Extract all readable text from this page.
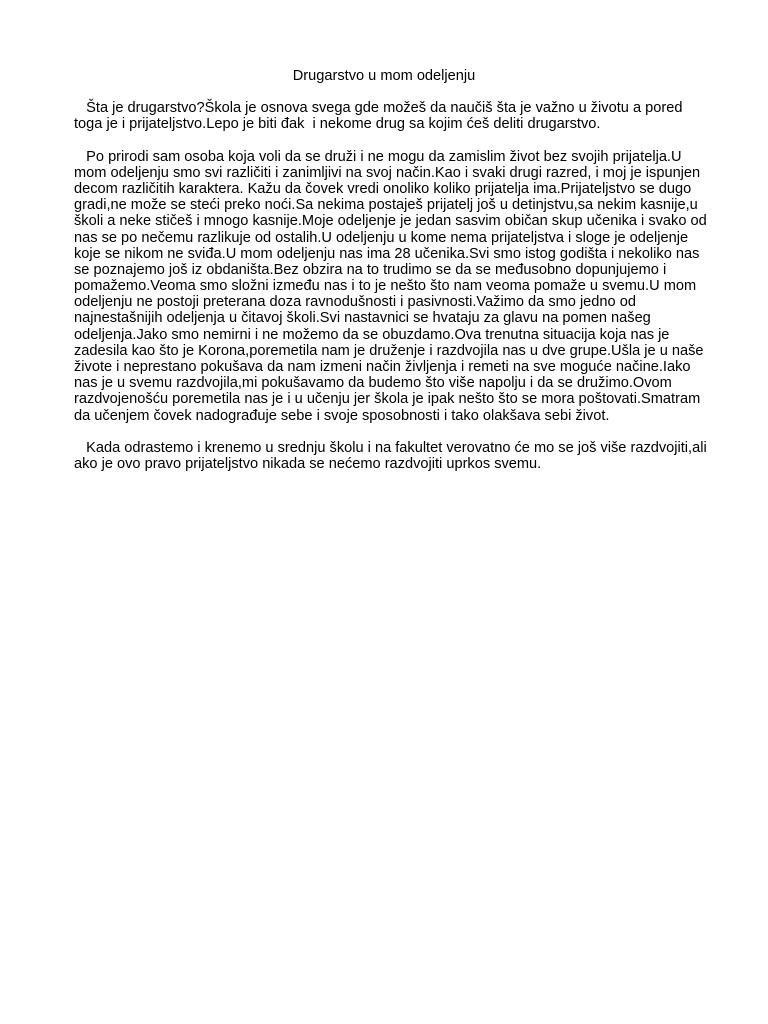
Drugarstvo u mom odeljenju
Šta je drugarstvo?Škola je osnova svega gde možeš da naučiš šta je važno u životu a pored
toga je i prijateljstvo.Lepo je biti đak  i nekome drug sa kojim ćeš deliti drugarstvo.
Po prirodi sam osoba koja voli da se druži i ne mogu da zamislim život bez svojih prijatelja.U
mom odeljenju smo svi različiti i zanimljivi na svoj način.Kao i svaki drugi razred, i moj je ispunjen
decom različitih karaktera. Kažu da čovek vredi onoliko koliko prijatelja ima.Prijateljstvo se dugo
gradi,ne može se steći preko noći.Sa nekima postaješ prijatelj još u detinjstvu,sa nekim kasnije,u
školi a neke stičeš i mnogo kasnije.Moje odeljenje je jedan sasvim običan skup učenika i svako od
nas se po nečemu razlikuje od ostalih.U odeljenju u kome nema prijateljstva i sloge je odeljenje
koje se nikom ne sviđa.U mom odeljenju nas ima 28 učenika.Svi smo istog godišta i nekoliko nas
se poznajemo još iz obdaništa.Bez obzira na to trudimo se da se međusobno dopunjujemo i
pomažemo.Veoma smo složni između nas i to je nešto što nam veoma pomaže u svemu.U mom
odeljenju ne postoji preterana doza ravnodušnosti i pasivnosti.Važimo da smo jedno od
najnestašnijih odeljenja u čitavoj školi.Svi nastavnici se hvataju za glavu na pomen našeg
odeljenja.Jako smo nemirni i ne možemo da se obuzdamo.Ova trenutna situacija koja nas je
zadesila kao što je Korona,poremetila nam je druženje i razdvojila nas u dve grupe.Ušla je u naše
živote i neprestano pokušava da nam izmeni način življenja i remeti na sve moguće načine.Iako
nas je u svemu razdvojila,mi pokušavamo da budemo što više napolju i da se družimo.Ovom
razdvojenošću poremetila nas je i u učenju jer škola je ipak nešto što se mora poštovati.Smatram
da učenjem čovek nadograđuje sebe i svoje sposobnosti i tako olakšava sebi život.
Kada odrastemo i krenemo u srednju školu i na fakultet verovatno će mo se još više razdvojiti,ali
ako je ovo pravo prijateljstvo nikada se nećemo razdvojiti uprkos svemu.
